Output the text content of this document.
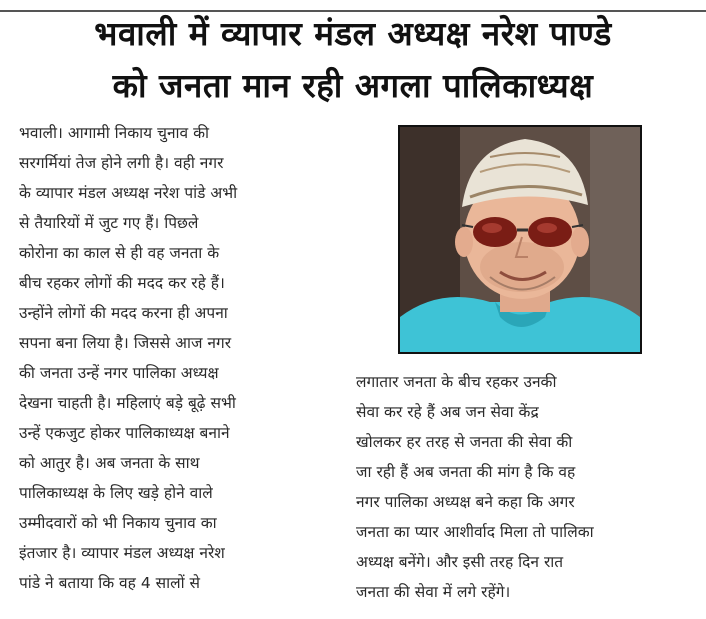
भवाली में व्यापार मंडल अध्यक्ष नरेश पाण्डे
को जनता मान रही अगला पालिकाध्यक्ष
भवाली। आगामी निकाय चुनाव की
सरगर्मियां तेज होने लगी है। वही नगर
के व्यापार मंडल अध्यक्ष नरेश पांडे अभी
से तैयारियों में जुट गए हैं। पिछले
कोरोना का काल से ही वह जनता के
बीच रहकर लोगों की मदद कर रहे हैं।
उन्होंने लोगों की मदद करना ही अपना
सपना बना लिया है। जिससे आज नगर
की जनता उन्हें नगर पालिका अध्यक्ष
देखना चाहती है। महिलाएं बड़े बूढ़े सभी
उन्हें एकजुट होकर पालिकाध्यक्ष बनाने
को आतुर है। अब जनता के साथ
पालिकाध्यक्ष के लिए खड़े होने वाले
उम्मीदवारों को भी निकाय चुनाव का
इंतजार है। व्यापार मंडल अध्यक्ष नरेश
पांडे ने बताया कि वह 4 सालों से
लगातार जनता के बीच रहकर उनकी
सेवा कर रहे हैं अब जन सेवा केंद्र
खोलकर हर तरह से जनता की सेवा की
जा रही हैं अब जनता की मांग है कि वह
नगर पालिका अध्यक्ष बने कहा कि अगर
जनता का प्यार आशीर्वाद मिला तो पालिका
अध्यक्ष बनेंगे। और इसी तरह दिन रात
जनता की सेवा में लगे रहेंगे।
